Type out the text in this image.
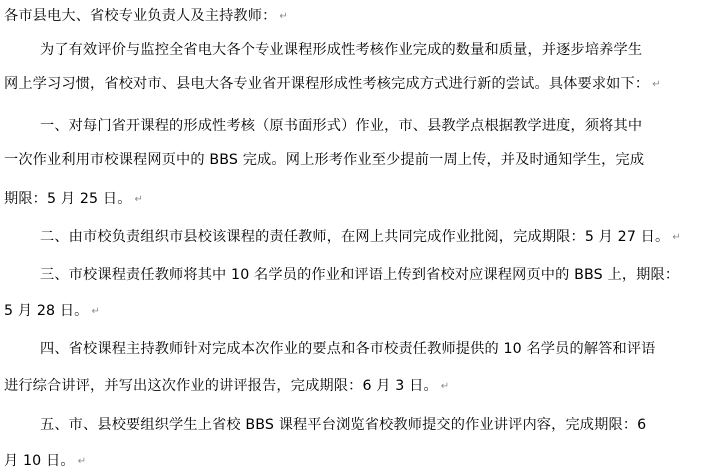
各市县电大、省校专业负责人及主持教师： ↵
为了有效评价与监控全省电大各个专业课程形成性考核作业完成的数量和质量，并逐步培养学生
网上学习习惯，省校对市、县电大各专业省开课程形成性考核完成方式进行新的尝试。具体要求如下： ↵
一、对每门省开课程的形成性考核（原书面形式）作业，市、县教学点根据教学进度，须将其中
一次作业利用市校课程网页中的 BBS 完成。网上形考作业至少提前一周上传，并及时通知学生，完成
期限：5 月 25 日。 ↵
二、由市校负责组织市县校该课程的责任教师，在网上共同完成作业批阅，完成期限：5 月 27 日。 ↵
三、市校课程责任教师将其中 10 名学员的作业和评语上传到省校对应课程网页中的 BBS 上，期限：
5 月 28 日。 ↵
四、省校课程主持教师针对完成本次作业的要点和各市校责任教师提供的 10 名学员的解答和评语
进行综合讲评，并写出这次作业的讲评报告，完成期限：6 月 3 日。 ↵
五、市、县校要组织学生上省校 BBS 课程平台浏览省校教师提交的作业讲评内容，完成期限：6
月 10 日。 ↵
